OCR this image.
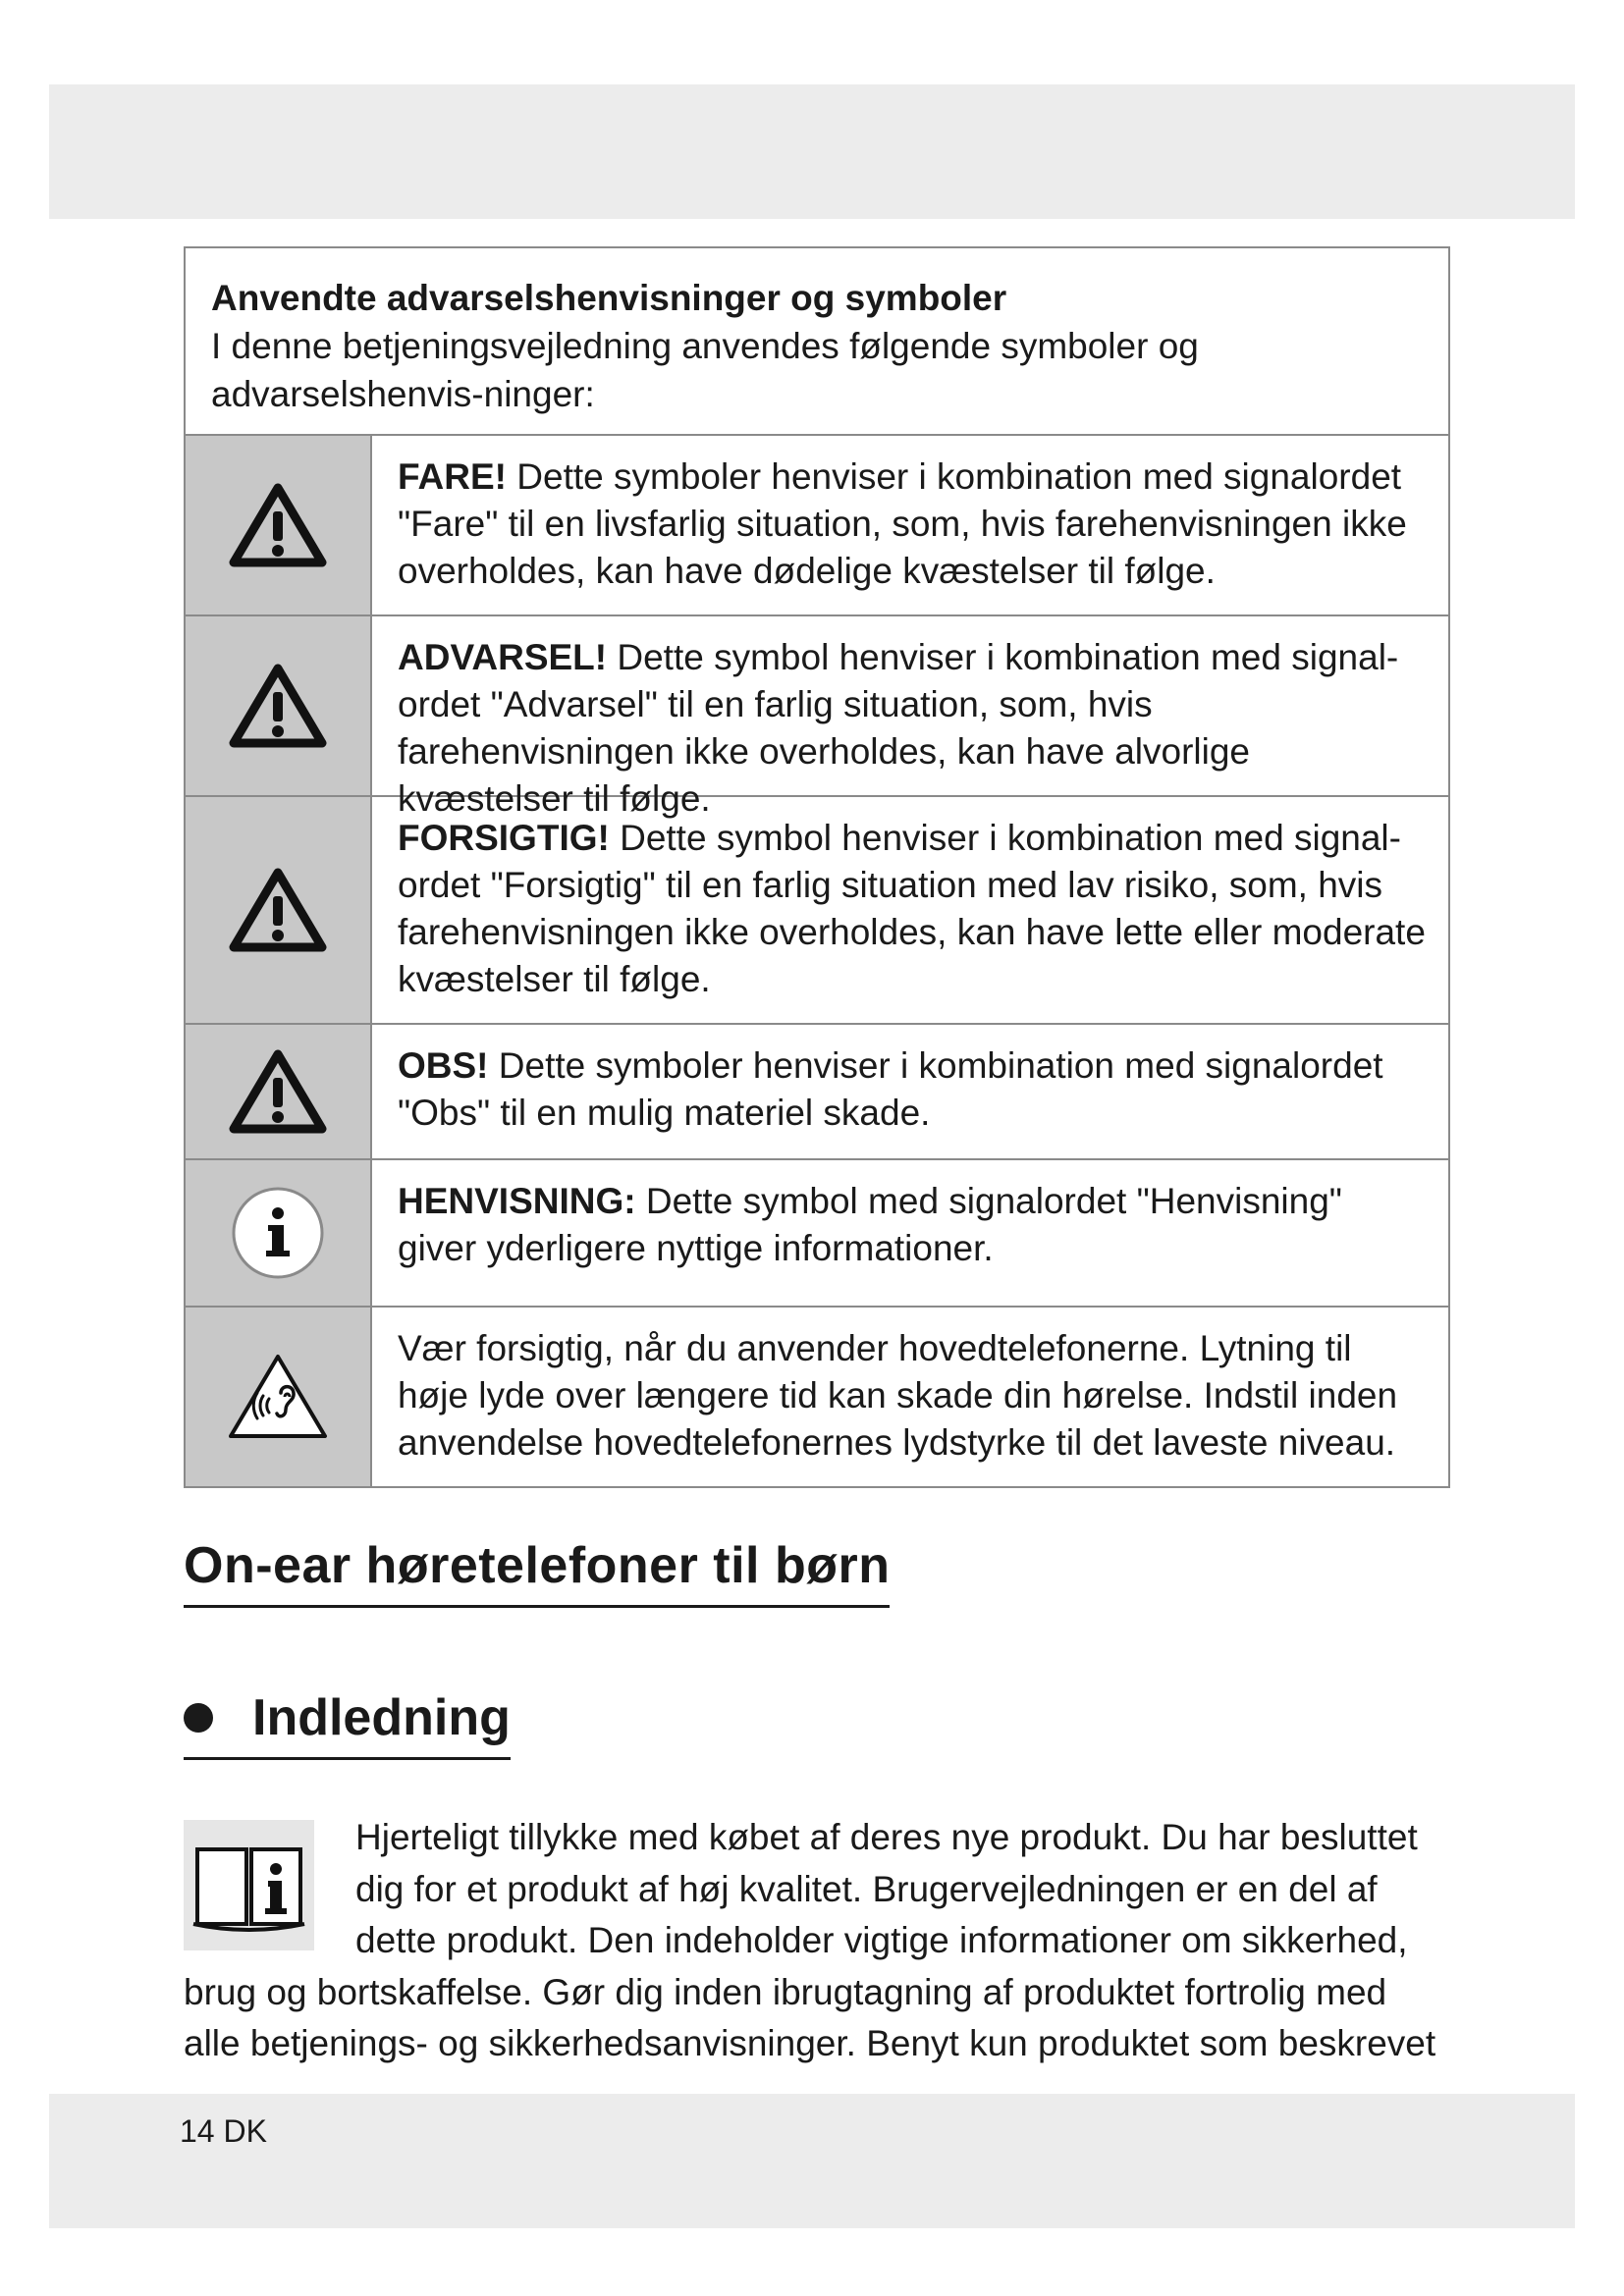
Anvendte advarselshenvisninger og symboler
I denne betjeningsvejledning anvendes følgende symboler og advarselshenvis-ninger:
FARE! Dette symboler henviser i kombination med signalordet "Fare" til en livsfarlig situation, som, hvis farehenvisningen ikke overholdes, kan have dødelige kvæstelser til følge.
ADVARSEL! Dette symbol henviser i kombination med signal-ordet "Advarsel" til en farlig situation, som, hvis farehenvisningen ikke overholdes, kan have alvorlige kvæstelser til følge.
FORSIGTIG! Dette symbol henviser i kombination med signal-ordet "Forsigtig" til en farlig situation med lav risiko, som, hvis farehenvisningen ikke overholdes, kan have lette eller moderate kvæstelser til følge.
OBS! Dette symboler henviser i kombination med signalordet "Obs" til en mulig materiel skade.
HENVISNING: Dette symbol med signalordet "Henvisning" giver yderligere nyttige informationer.
Vær forsigtig, når du anvender hovedtelefonerne. Lytning til høje lyde over længere tid kan skade din hørelse. Indstil inden anvendelse hovedtelefonernes lydstyrke til det laveste niveau.
On-ear høretelefoner til børn
Indledning
Hjerteligt tillykke med købet af deres nye produkt. Du har besluttet dig for et produkt af høj kvalitet. Brugervejledningen er en del af dette produkt. Den indeholder vigtige informationer om sikkerhed, brug og bortskaffelse. Gør dig inden ibrugtagning af produktet fortrolig med alle betjenings- og sikkerhedsanvisninger. Benyt kun produktet som beskrevet
14 DK
